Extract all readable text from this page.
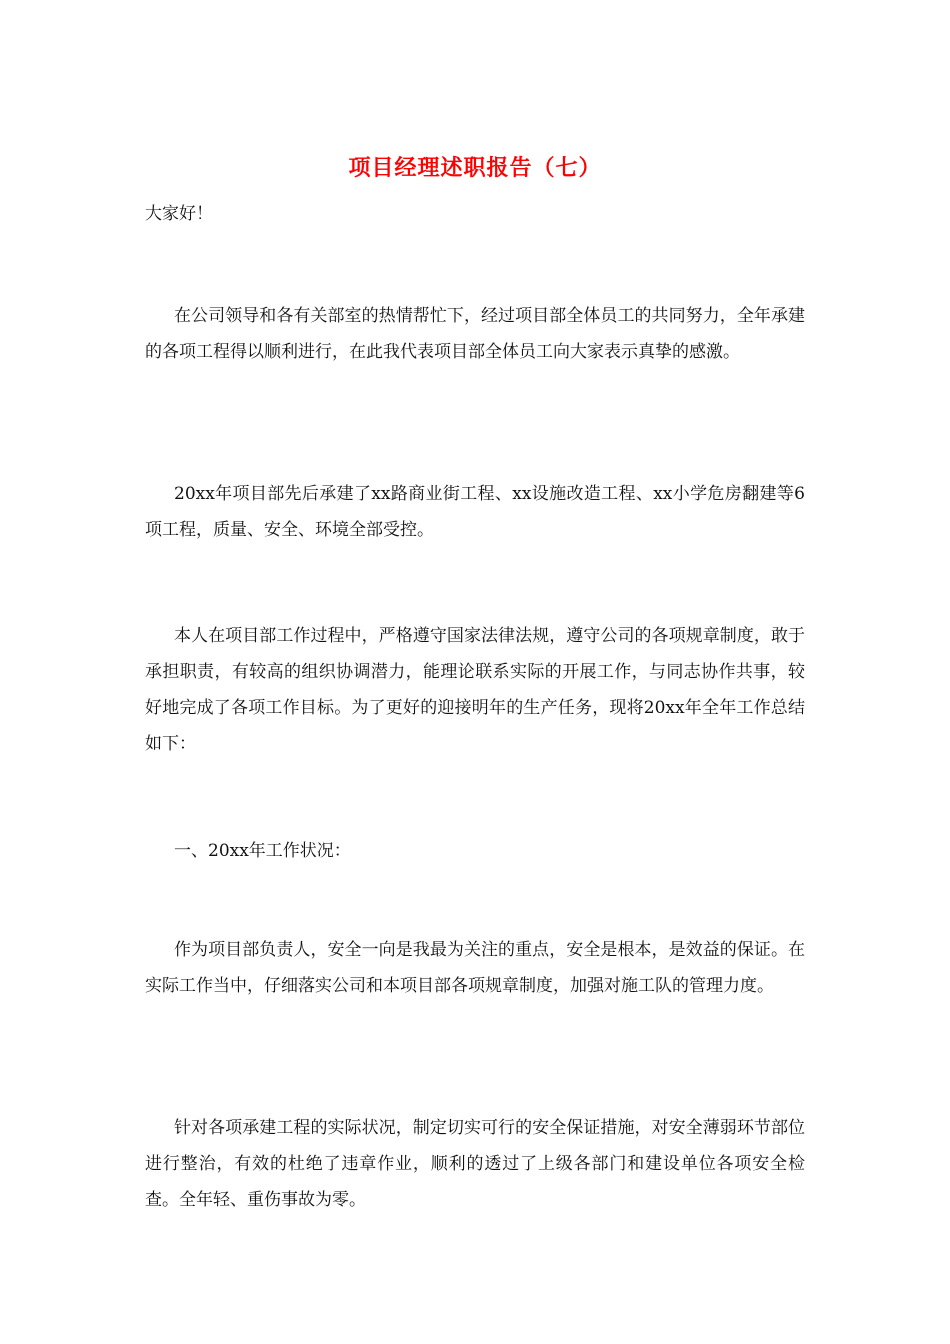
项目经理述职报告（七）
大家好！

在公司领导和各有关部室的热情帮忙下，经过项目部全体员工的共同努力，全年承建的各项工程得以顺利进行，在此我代表项目部全体员工向大家表示真挚的感激。

20xx年项目部先后承建了xx路商业街工程、xx设施改造工程、xx小学危房翻建等6项工程，质量、安全、环境全部受控。

本人在项目部工作过程中，严格遵守国家法律法规，遵守公司的各项规章制度，敢于承担职责，有较高的组织协调潜力，能理论联系实际的开展工作，与同志协作共事，较好地完成了各项工作目标。为了更好的迎接明年的生产任务，现将20xx年全年工作总结如下：

一、20xx年工作状况：

作为项目部负责人，安全一向是我最为关注的重点，安全是根本，是效益的保证。在实际工作当中，仔细落实公司和本项目部各项规章制度，加强对施工队的管理力度。

针对各项承建工程的实际状况，制定切实可行的安全保证措施，对安全薄弱环节部位进行整治，有效的杜绝了违章作业，顺利的透过了上级各部门和建设单位各项安全检查。全年轻、重伤事故为零。
